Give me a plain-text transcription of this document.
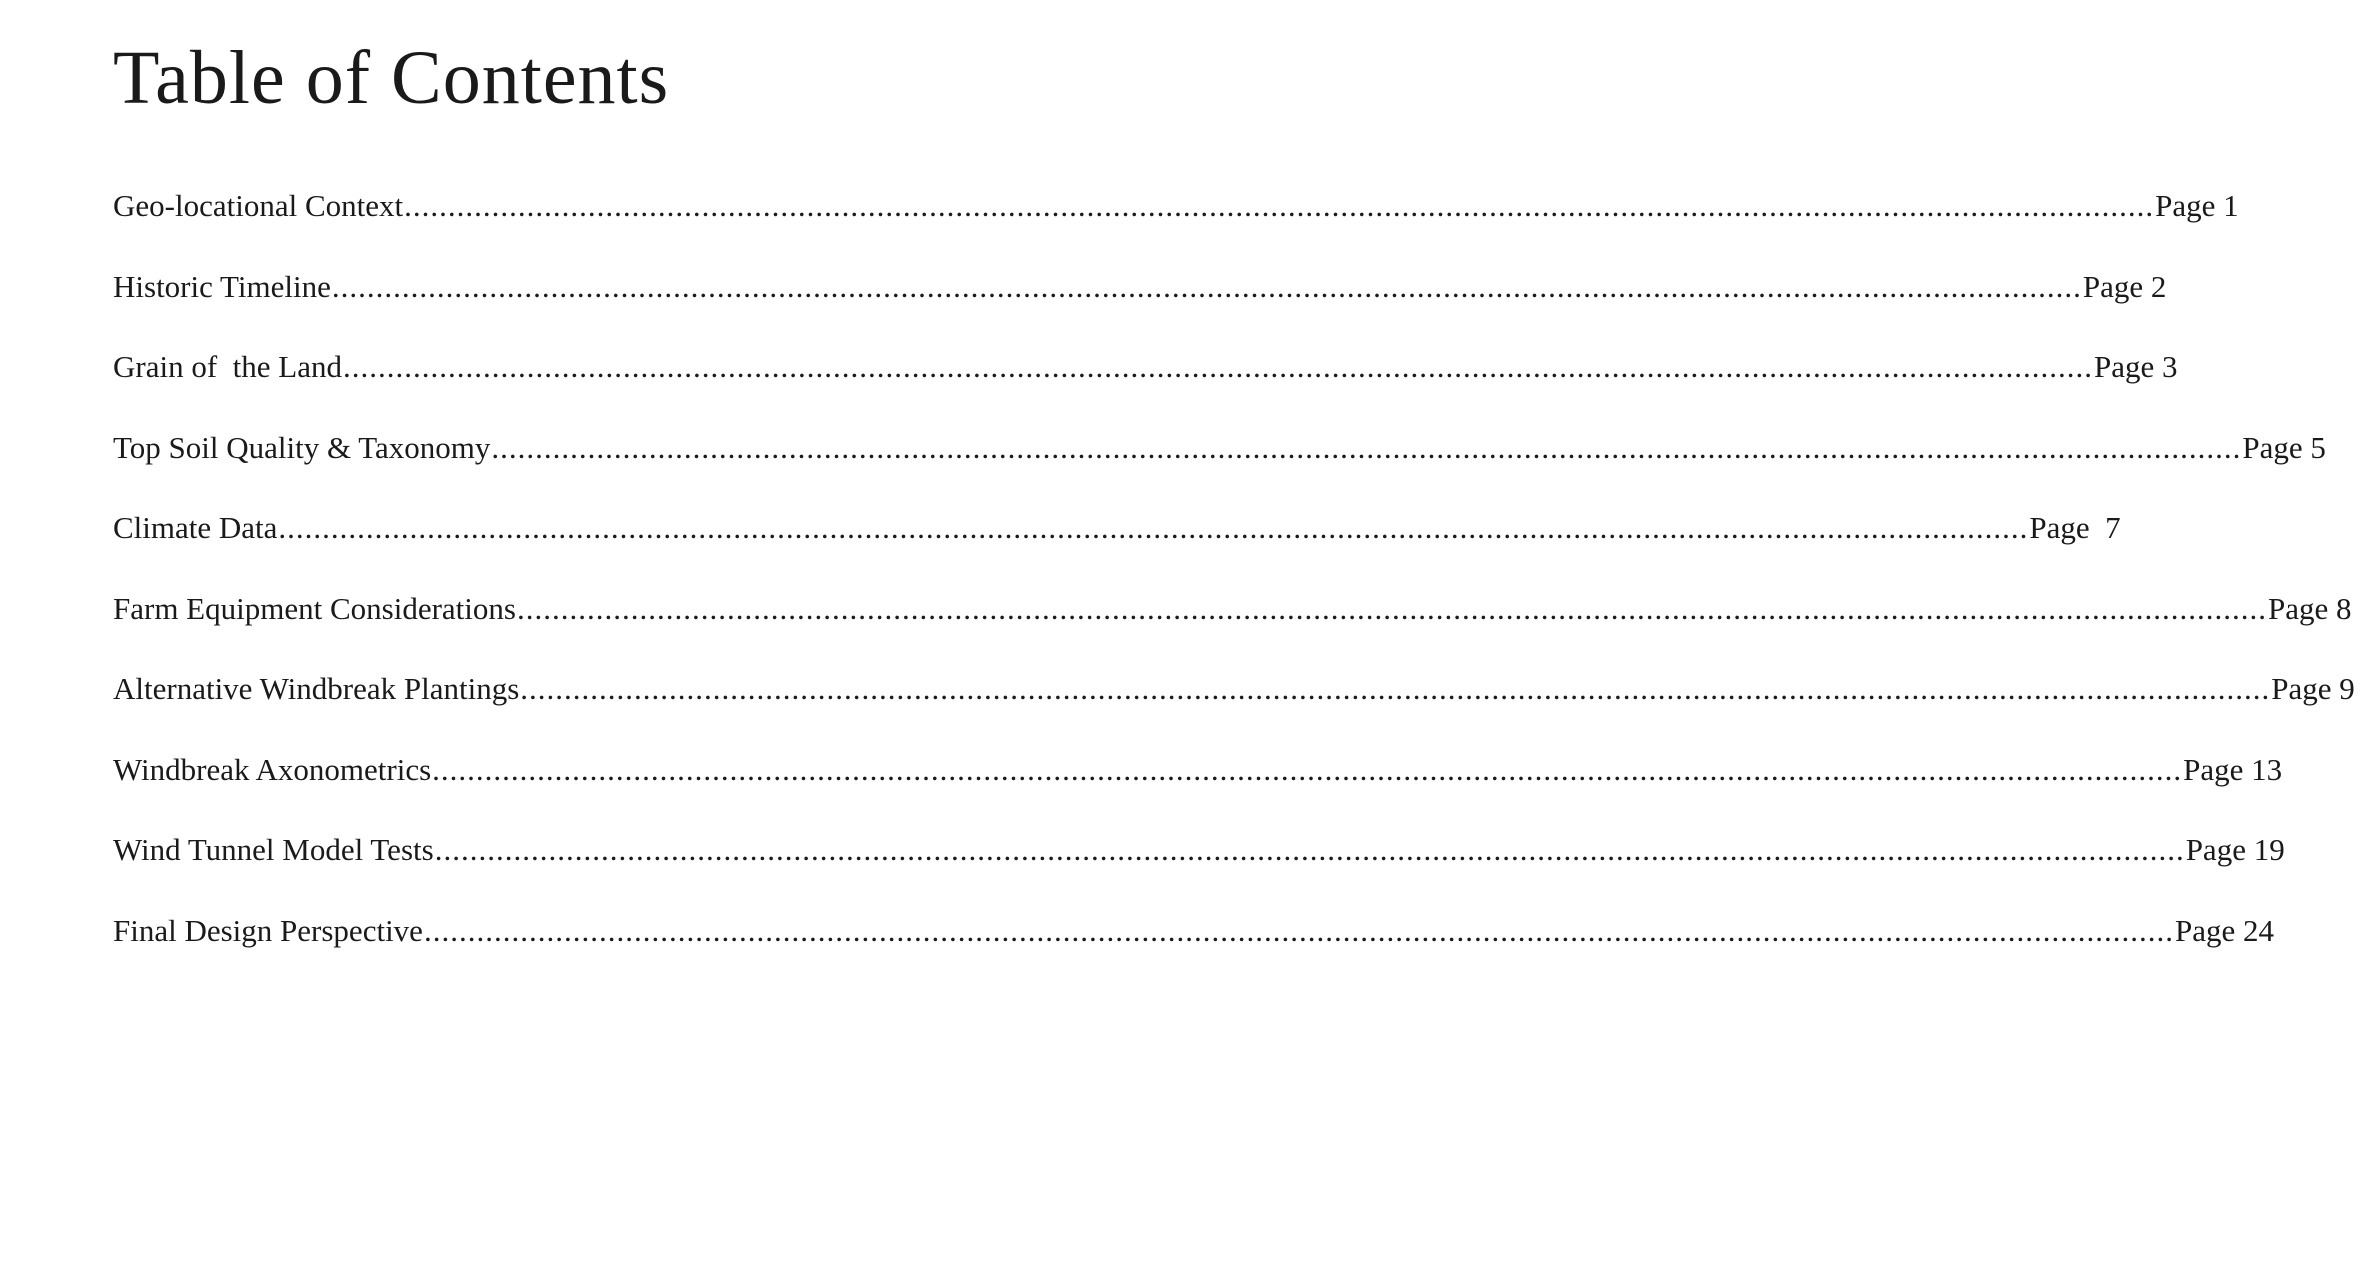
Table of Contents
Geo-locational Context ........................................................................................................................................................................................................ Page 1
Historic Timeline ........................................................................................................................................................................................................ Page 2
Grain of  the Land ........................................................................................................................................................................................................ Page 3
Top Soil Quality & Taxonomy ........................................................................................................................................................................................................ Page 5
Climate Data ........................................................................................................................................................................................................ Page  7
Farm Equipment Considerations ........................................................................................................................................................................................................ Page 8
Alternative Windbreak Plantings ........................................................................................................................................................................................................ Page 9
Windbreak Axonometrics ........................................................................................................................................................................................................ Page 13
Wind Tunnel Model Tests ........................................................................................................................................................................................................ Page 19
Final Design Perspective ........................................................................................................................................................................................................ Page 24
